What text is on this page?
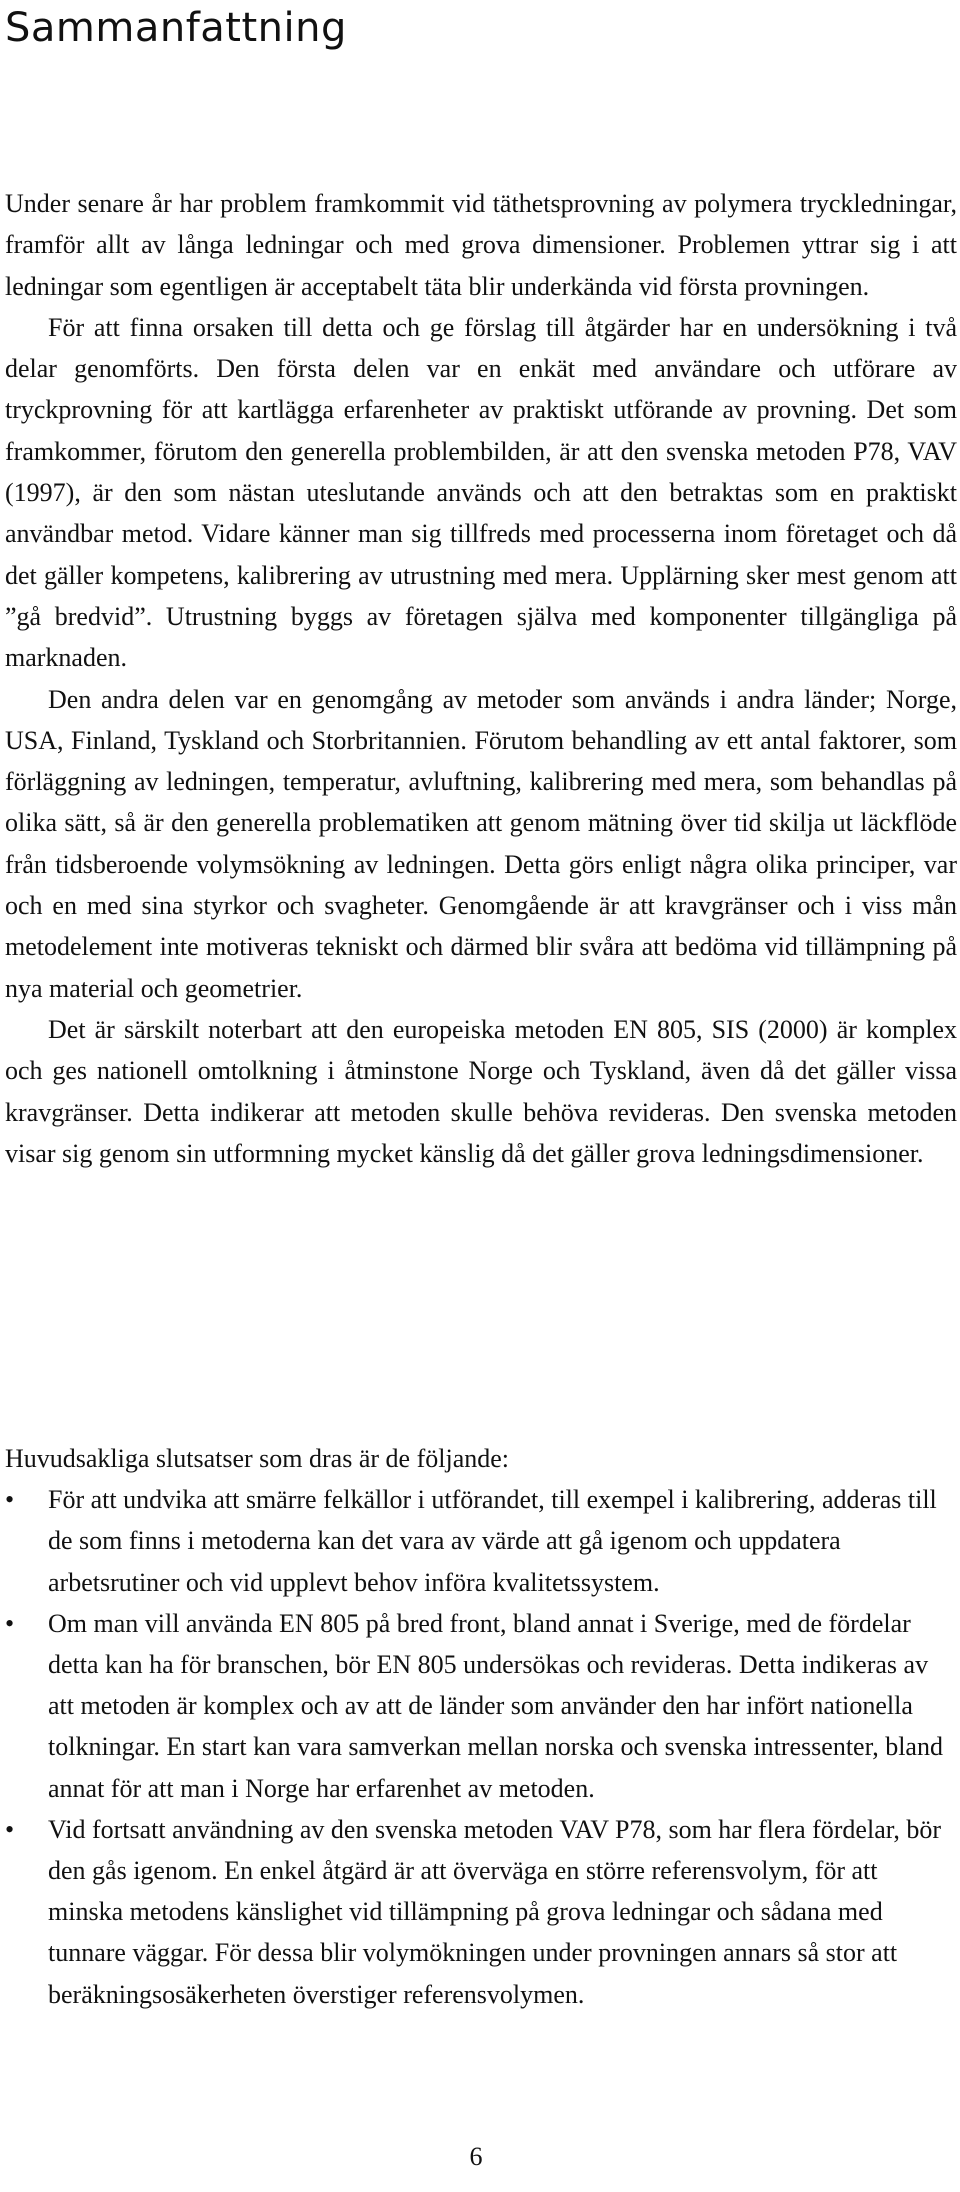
Sammanfattning

Under senare år har problem framkommit vid täthetsprovning av polymera tryckledningar, framför allt av långa ledningar och med grova dimensioner. Problemen yttrar sig i att ledningar som egentligen är acceptabelt täta blir underkända vid första provningen.

För att finna orsaken till detta och ge förslag till åtgärder har en undersökning i två delar genomförts. Den första delen var en enkät med användare och utförare av tryckprovning för att kartlägga erfarenheter av praktiskt utförande av provning. Det som framkommer, förutom den generella problembilden, är att den svenska metoden P78, VAV (1997), är den som nästan uteslutande används och att den betraktas som en praktiskt användbar metod. Vidare känner man sig tillfreds med processerna inom företaget och då det gäller kompetens, kalibrering av utrustning med mera. Upplärning sker mest genom att ”gå bredvid”. Utrustning byggs av företagen själva med komponenter tillgängliga på marknaden.

Den andra delen var en genomgång av metoder som används i andra länder; Norge, USA, Finland, Tyskland och Storbritannien. Förutom behandling av ett antal faktorer, som förläggning av ledningen, temperatur, avluftning, kalibrering med mera, som behandlas på olika sätt, så är den generella problematiken att genom mätning över tid skilja ut läckflöde från tidsberoende volymsökning av ledningen. Detta görs enligt några olika principer, var och en med sina styrkor och svagheter. Genomgående är att kravgränser och i viss mån metodelement inte motiveras tekniskt och därmed blir svåra att bedöma vid tillämpning på nya material och geometrier.

Det är särskilt noterbart att den europeiska metoden EN 805, SIS (2000) är komplex och ges nationell omtolkning i åtminstone Norge och Tyskland, även då det gäller vissa kravgränser. Detta indikerar att metoden skulle behöva revideras. Den svenska metoden visar sig genom sin utformning mycket känslig då det gäller grova ledningsdimensioner.

Huvudsakliga slutsatser som dras är de följande:

•	För att undvika att smärre felkällor i utförandet, till exempel i kalibrering, adderas till de som finns i metoderna kan det vara av värde att gå igenom och uppdatera arbetsrutiner och vid upplevt behov införa kvalitetssystem.
•	Om man vill använda EN 805 på bred front, bland annat i Sverige, med de fördelar detta kan ha för branschen, bör EN 805 undersökas och revideras. Detta indikeras av att metoden är komplex och av att de länder som använder den har infört nationella tolkningar. En start kan vara samverkan mellan norska och svenska intressenter, bland annat för att man i Norge har erfarenhet av metoden.
•	Vid fortsatt användning av den svenska metoden VAV P78, som har flera fördelar, bör den gås igenom. En enkel åtgärd är att överväga en större referensvolym, för att minska metodens känslighet vid tillämpning på grova ledningar och sådana med tunnare väggar. För dessa blir volymökningen under provningen annars så stor att beräkningsosäkerheten överstiger referensvolymen.
6
